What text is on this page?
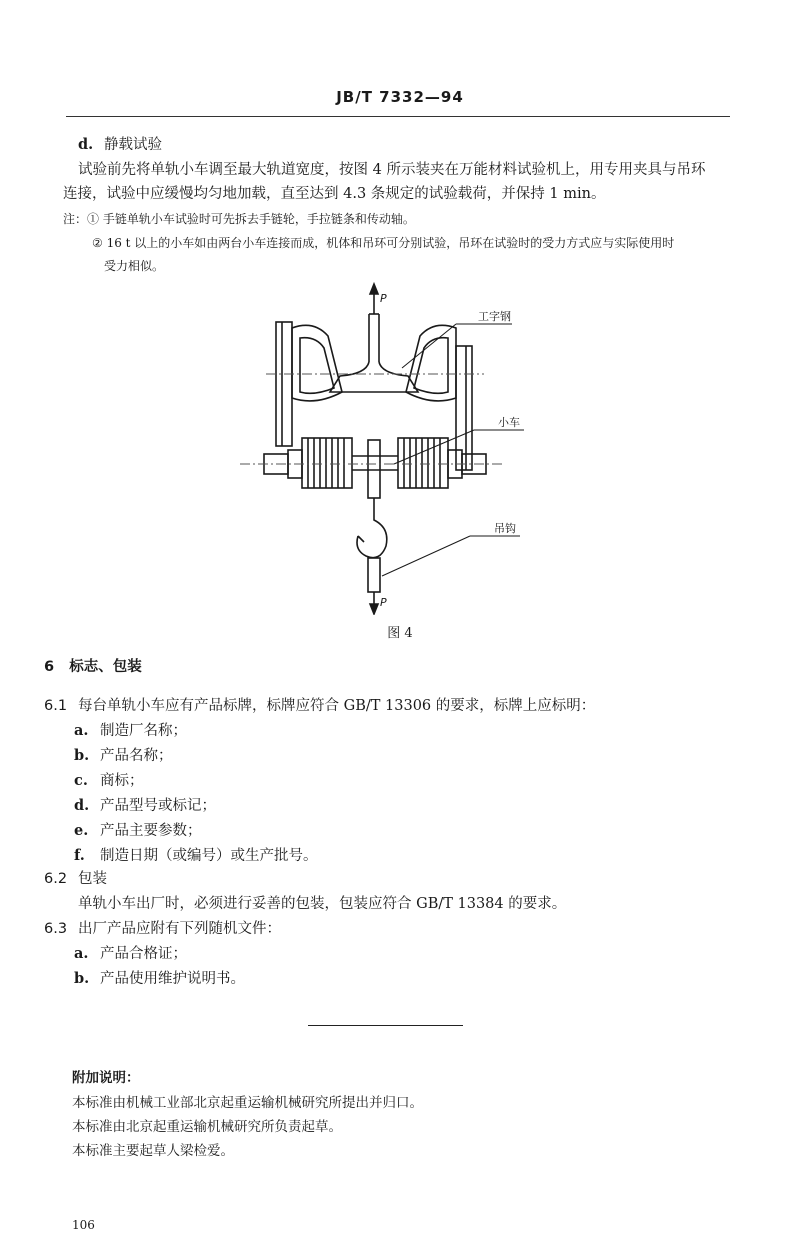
JB/T 7332—94
d. 静载试验
试验前先将单轨小车调至最大轨道宽度，按图 4 所示装夹在万能材料试验机上，用专用夹具与吊环
连接，试验中应缓慢均匀地加载，直至达到 4.3 条规定的试验载荷，并保持 1 min。
注：① 手链单轨小车试验时可先拆去手链轮，手拉链条和传动轴。
② 16 t 以上的小车如由两台小车连接而成，机体和吊环可分别试验，吊环在试验时的受力方式应与实际使用时
受力相似。
P
P
工字钢
小车
吊钩
图 4
6 标志、包装
6.1 每台单轨小车应有产品标牌，标牌应符合 GB/T 13306 的要求，标牌上应标明：
a. 制造厂名称；
b. 产品名称；
c. 商标；
d. 产品型号或标记；
e. 产品主要参数；
f. 制造日期（或编号）或生产批号。
6.2 包装
单轨小车出厂时，必须进行妥善的包装，包装应符合 GB/T 13384 的要求。
6.3 出厂产品应附有下列随机文件：
a. 产品合格证；
b. 产品使用维护说明书。
附加说明：
本标准由机械工业部北京起重运输机械研究所提出并归口。
本标准由北京起重运输机械研究所负责起草。
本标准主要起草人梁检爱。
106
